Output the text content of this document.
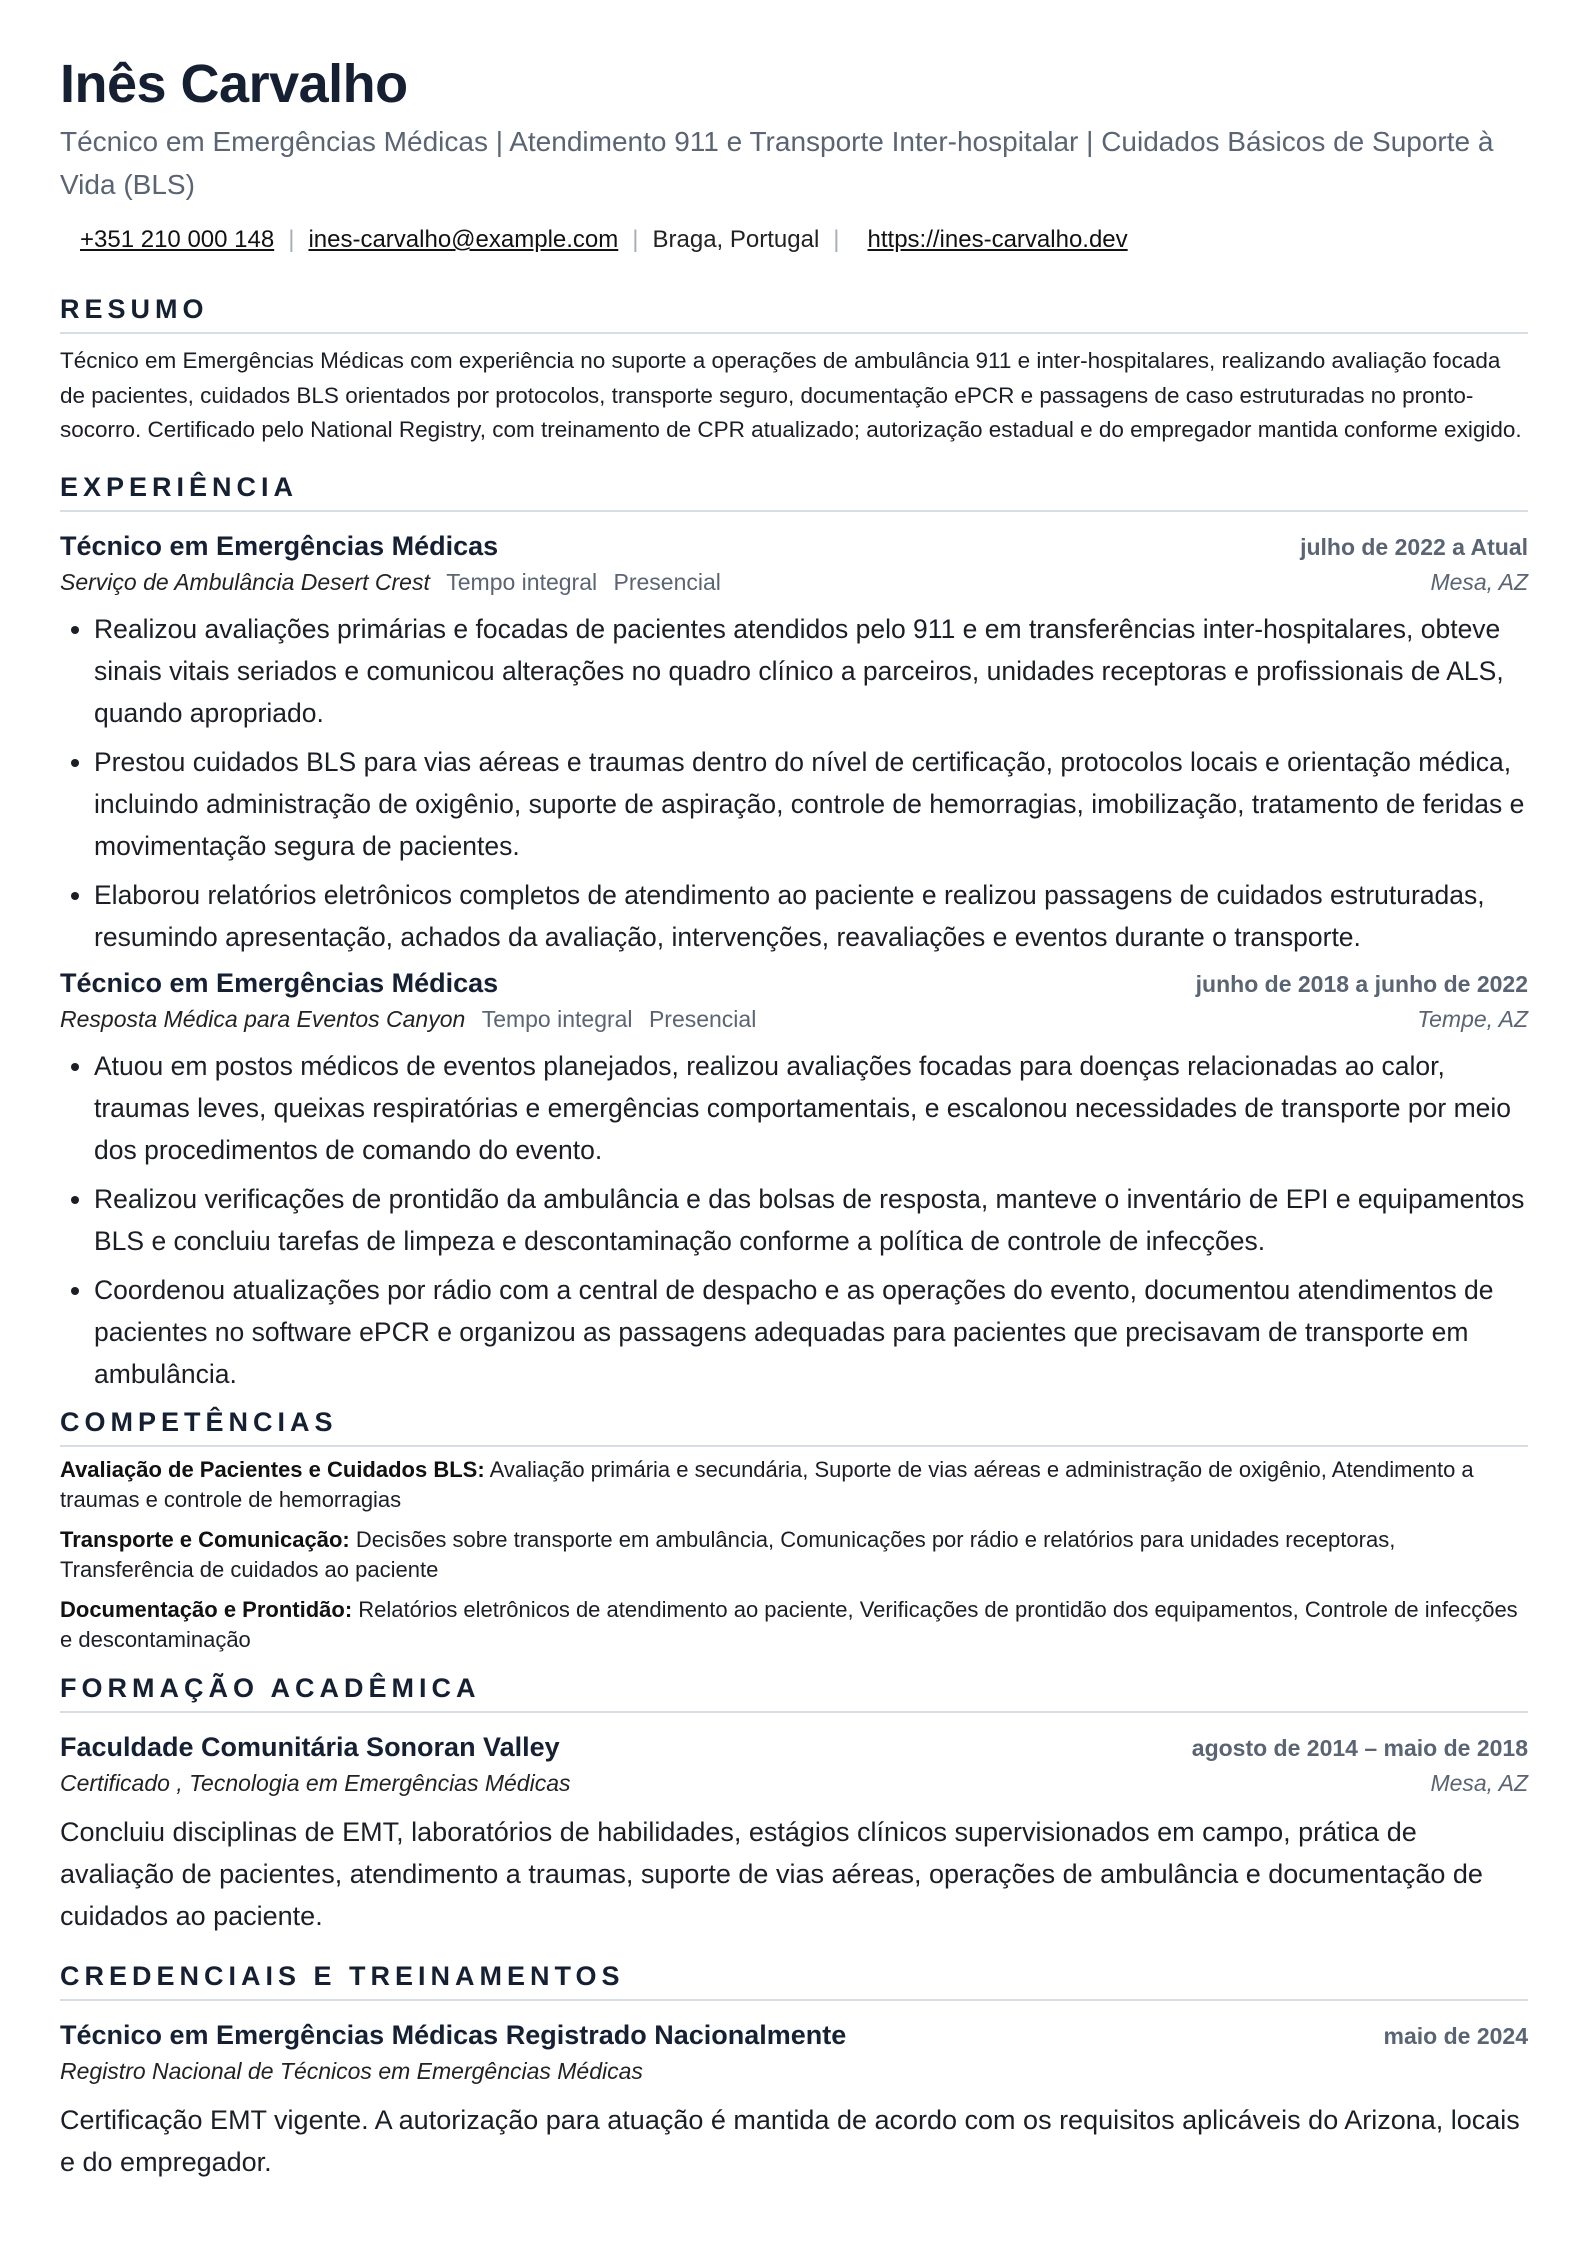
Inês Carvalho
Técnico em Emergências Médicas | Atendimento 911 e Transporte Inter-hospitalar | Cuidados Básicos de Suporte à Vida (BLS)
+351 210 000 148 | ines-carvalho@example.com | Braga, Portugal | https://ines-carvalho.dev
RESUMO
Técnico em Emergências Médicas com experiência no suporte a operações de ambulância 911 e inter-hospitalares, realizando avaliação focada de pacientes, cuidados BLS orientados por protocolos, transporte seguro, documentação ePCR e passagens de caso estruturadas no pronto-socorro. Certificado pelo National Registry, com treinamento de CPR atualizado; autorização estadual e do empregador mantida conforme exigido.
EXPERIÊNCIA
Técnico em Emergências Médicas	julho de 2022 a Atual
Serviço de Ambulância Desert Crest Tempo integral Presencial	Mesa, AZ
• Realizou avaliações primárias e focadas de pacientes atendidos pelo 911 e em transferências inter-hospitalares, obteve sinais vitais seriados e comunicou alterações no quadro clínico a parceiros, unidades receptoras e profissionais de ALS, quando apropriado.
• Prestou cuidados BLS para vias aéreas e traumas dentro do nível de certificação, protocolos locais e orientação médica, incluindo administração de oxigênio, suporte de aspiração, controle de hemorragias, imobilização, tratamento de feridas e movimentação segura de pacientes.
• Elaborou relatórios eletrônicos completos de atendimento ao paciente e realizou passagens de cuidados estruturadas, resumindo apresentação, achados da avaliação, intervenções, reavaliações e eventos durante o transporte.
Técnico em Emergências Médicas	junho de 2018 a junho de 2022
Resposta Médica para Eventos Canyon Tempo integral Presencial	Tempe, AZ
• Atuou em postos médicos de eventos planejados, realizou avaliações focadas para doenças relacionadas ao calor, traumas leves, queixas respiratórias e emergências comportamentais, e escalonou necessidades de transporte por meio dos procedimentos de comando do evento.
• Realizou verificações de prontidão da ambulância e das bolsas de resposta, manteve o inventário de EPI e equipamentos BLS e concluiu tarefas de limpeza e descontaminação conforme a política de controle de infecções.
• Coordenou atualizações por rádio com a central de despacho e as operações do evento, documentou atendimentos de pacientes no software ePCR e organizou as passagens adequadas para pacientes que precisavam de transporte em ambulância.
COMPETÊNCIAS
Avaliação de Pacientes e Cuidados BLS: Avaliação primária e secundária, Suporte de vias aéreas e administração de oxigênio, Atendimento a traumas e controle de hemorragias
Transporte e Comunicação: Decisões sobre transporte em ambulância, Comunicações por rádio e relatórios para unidades receptoras, Transferência de cuidados ao paciente
Documentação e Prontidão: Relatórios eletrônicos de atendimento ao paciente, Verificações de prontidão dos equipamentos, Controle de infecções e descontaminação
FORMAÇÃO ACADÊMICA
Faculdade Comunitária Sonoran Valley	agosto de 2014 – maio de 2018
Certificado , Tecnologia em Emergências Médicas	Mesa, AZ
Concluiu disciplinas de EMT, laboratórios de habilidades, estágios clínicos supervisionados em campo, prática de avaliação de pacientes, atendimento a traumas, suporte de vias aéreas, operações de ambulância e documentação de cuidados ao paciente.
CREDENCIAIS E TREINAMENTOS
Técnico em Emergências Médicas Registrado Nacionalmente	maio de 2024
Registro Nacional de Técnicos em Emergências Médicas
Certificação EMT vigente. A autorização para atuação é mantida de acordo com os requisitos aplicáveis do Arizona, locais e do empregador.
